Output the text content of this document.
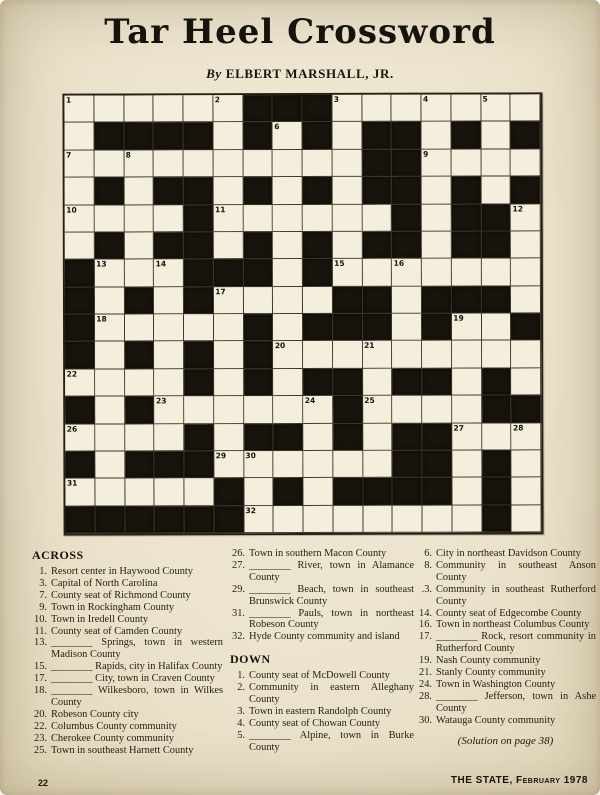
Tar Heel Crossword
By ELBERT MARSHALL, JR.
1	2	3	4	5
6
7	8	9
10	11	12
13	14	15	16
17
18	19
20	21
22
23	24	25
26	27	28
29	30
31
32
ACROSS

1. Resort center in Haywood County

3. Capital of North Carolina

7. County seat of Richmond County

9. Town in Rockingham County

10. Town in Iredell County

11. County seat of Camden County

13. ________ Springs, town in western Madison County

15. ________ Rapids, city in Halifax County

17. ________ City, town in Craven County

18. ________ Wilkesboro, town in Wilkes County

20. Robeson County city

22. Columbus County community

23. Cherokee County community

25. Town in southeast Harnett County

26. Town in southern Macon County

27. ________ River, town in Alamance County

29. ________ Beach, town in southeast Brunswick County

31. ________ Pauls, town in northeast Robeson County

32. Hyde County community and island

DOWN

1. County seat of McDowell County

2. Community in eastern Alleghany County

3. Town in eastern Randolph County

4. County seat of Chowan County

5. ________ Alpine, town in Burke County

6. City in northeast Davidson County

8. Community in southeast Anson County

.3. Community in southeast Rutherford County

14. County seat of Edgecombe County

16. Town in northeast Columbus County

17. ________ Rock, resort community in Rutherford County

19. Nash County community

21. Stanly County community

24. Town in Washington County

28. ________ Jefferson, town in Ashe County

30. Watauga County community

(Solution on page 38)
22	THE STATE, February 1978
